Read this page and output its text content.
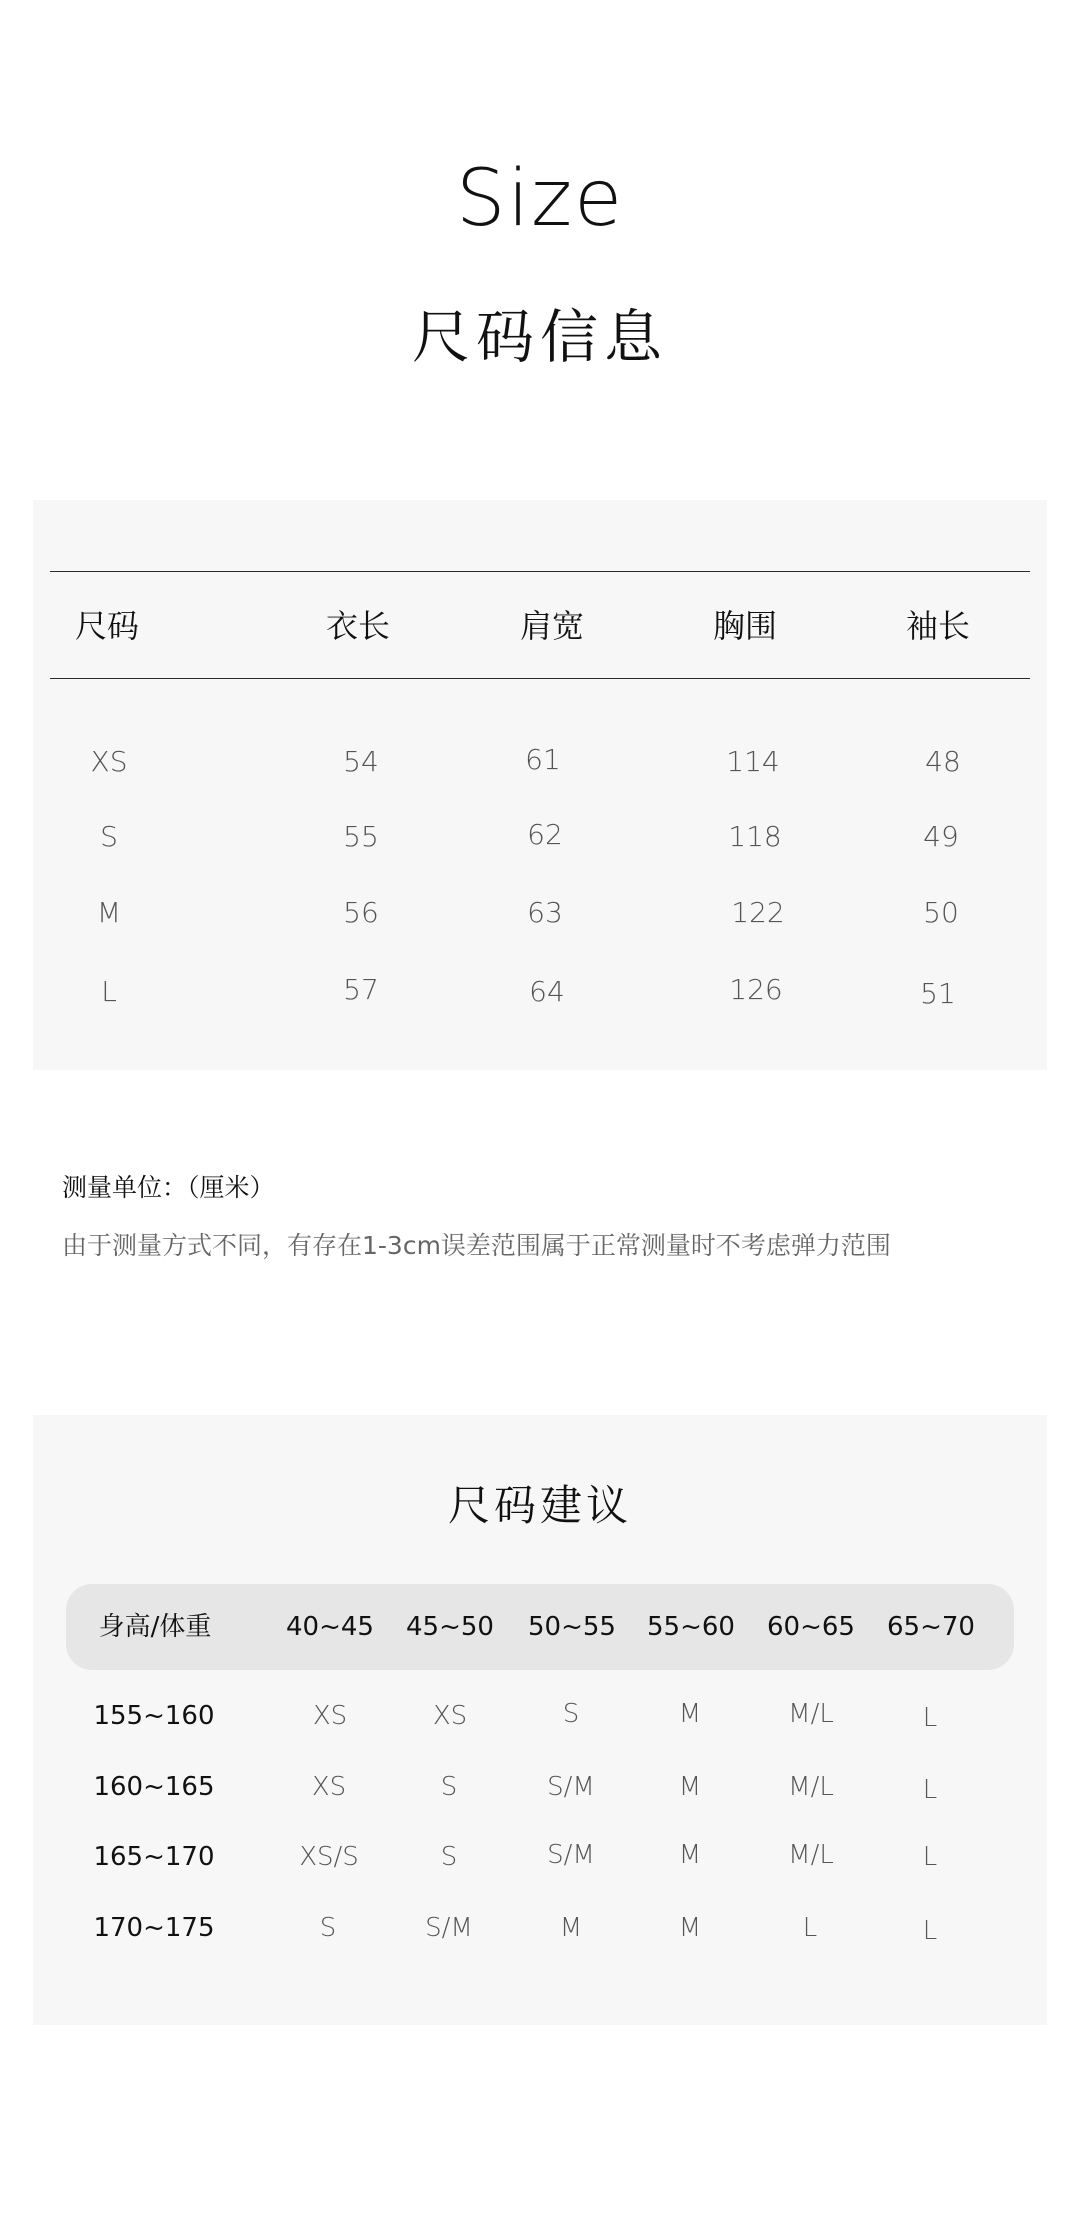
Size
尺码信息
尺码	衣长	肩宽	胸围	袖长
XS	54	61	114	48
S	55	62	118	49
M	56	63	122	50
L	57	64	126	51
测量单位：（厘米）
由于测量方式不同，有存在1-3cm误差范围属于正常测量时不考虑弹力范围
尺码建议
身高/体重	40~45	45~50	50~55	55~60	60~65	65~70
155~160	XS	XS	S	M	M/L	L
160~165	XS	S	S/M	M	M/L	L
165~170	XS/S	S	S/M	M	M/L	L
170~175	S	S/M	M	M	L	L
